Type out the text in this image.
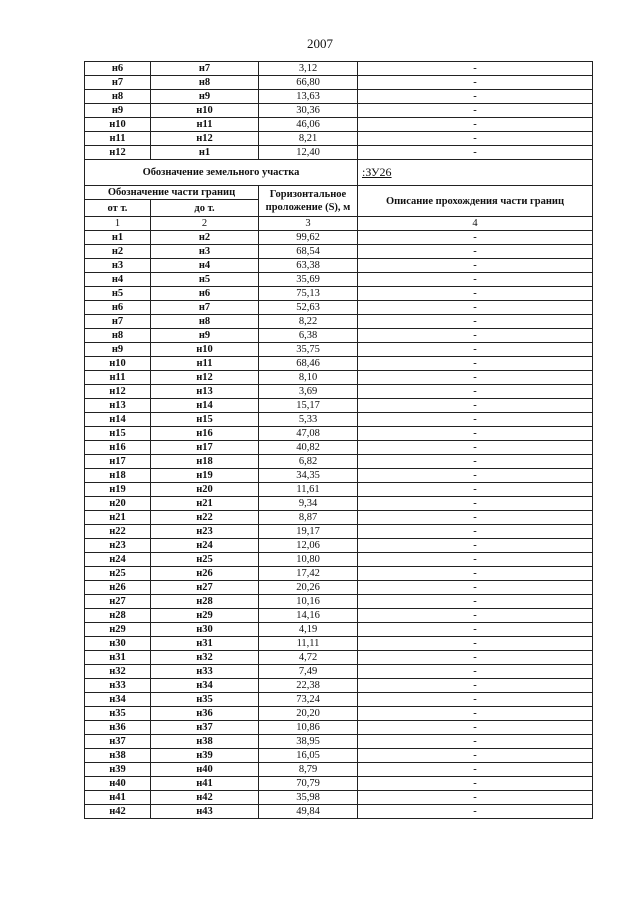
2007
н6	н7	3,12	-
н7	н8	66,80	-
н8	н9	13,63	-
н9	н10	30,36	-
н10	н11	46,06	-
н11	н12	8,21	-
н12	н1	12,40	-
Обозначение земельного участка			:ЗУ26
Обозначение части границ		Горизонтальное проложение (S), м	Описание прохождения части границ
от т.	до т.		
1	2	3	4
н1	н2	99,62	-
н2	н3	68,54	-
н3	н4	63,38	-
н4	н5	35,69	-
н5	н6	75,13	-
н6	н7	52,63	-
н7	н8	8,22	-
н8	н9	6,38	-
н9	н10	35,75	-
н10	н11	68,46	-
н11	н12	8,10	-
н12	н13	3,69	-
н13	н14	15,17	-
н14	н15	5,33	-
н15	н16	47,08	-
н16	н17	40,82	-
н17	н18	6,82	-
н18	н19	34,35	-
н19	н20	11,61	-
н20	н21	9,34	-
н21	н22	8,87	-
н22	н23	19,17	-
н23	н24	12,06	-
н24	н25	10,80	-
н25	н26	17,42	-
н26	н27	20,26	-
н27	н28	10,16	-
н28	н29	14,16	-
н29	н30	4,19	-
н30	н31	11,11	-
н31	н32	4,72	-
н32	н33	7,49	-
н33	н34	22,38	-
н34	н35	73,24	-
н35	н36	20,20	-
н36	н37	10,86	-
н37	н38	38,95	-
н38	н39	16,05	-
н39	н40	8,79	-
н40	н41	70,79	-
н41	н42	35,98	-
н42	н43	49,84	-
